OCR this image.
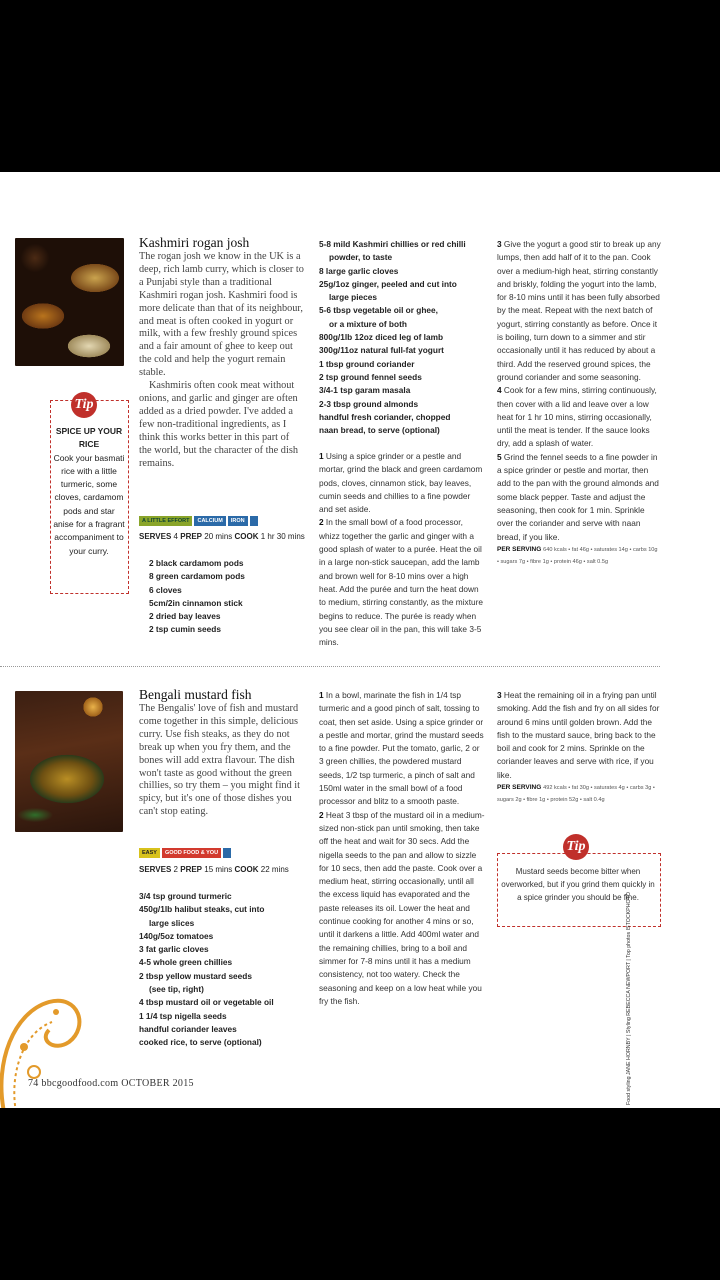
Tip
SPICE UP YOUR RICE
Cook your basmati rice with a little turmeric, some cloves, cardamom pods and star anise for a fragrant accompaniment to your curry.
Kashmiri rogan josh

The rogan josh we know in the UK is a deep, rich lamb curry, which is closer to a Punjabi style than a traditional Kashmiri rogan josh. Kashmiri food is more delicate than that of its neighbour, and meat is often cooked in yogurt or milk, with a few freshly ground spices and a fair amount of ghee to keep out the cold and help the yogurt remain stable.

Kashmiris often cook meat without onions, and garlic and ginger are often added as a dried powder. I've added a few non-traditional ingredients, as I think this works better in this part of the world, but the character of the dish remains.

A LITTLE EFFORT	CALCIUM	IRON
SERVES 4 PREP 20 mins COOK 1 hr 30 mins
2 black cardamom pods
8 green cardamom pods
6 cloves
5cm/2in cinnamon stick
2 dried bay leaves
2 tsp cumin seeds
5-8 mild Kashmiri chillies or red chilli
powder, to taste
8 large garlic cloves
25g/1oz ginger, peeled and cut into
large pieces
5-6 tbsp vegetable oil or ghee,
or a mixture of both
800g/1lb 12oz diced leg of lamb
300g/11oz natural full-fat yogurt
1 tbsp ground coriander
2 tsp ground fennel seeds
3/4-1 tsp garam masala
2-3 tbsp ground almonds
handful fresh coriander, chopped
naan bread, to serve (optional)

1 Using a spice grinder or a pestle and mortar, grind the black and green cardamom pods, cloves, cinnamon stick, bay leaves, cumin seeds and chillies to a fine powder and set aside.

2 In the small bowl of a food processor, whizz together the garlic and ginger with a good splash of water to a purée. Heat the oil in a large non-stick saucepan, add the lamb and brown well for 8-10 mins over a high heat. Add the purée and turn the heat down to medium, stirring constantly, as the mixture begins to reduce. The purée is ready when you see clear oil in the pan, this will take 3-5 mins.

3 Give the yogurt a good stir to break up any lumps, then add half of it to the pan. Cook over a medium-high heat, stirring constantly and briskly, folding the yogurt into the lamb, for 8-10 mins until it has been fully absorbed by the meat. Repeat with the next batch of yogurt, stirring constantly as before. Once it is boiling, turn down to a simmer and stir occasionally until it has reduced by about a third. Add the reserved ground spices, the ground coriander and some seasoning.

4 Cook for a few mins, stirring continuously, then cover with a lid and leave over a low heat for 1 hr 10 mins, stirring occasionally, until the meat is tender. If the sauce looks dry, add a splash of water.

5 Grind the fennel seeds to a fine powder in a spice grinder or pestle and mortar, then add to the pan with the ground almonds and some black pepper. Taste and adjust the seasoning, then cook for 1 min. Sprinkle over the coriander and serve with naan bread, if you like.

PER SERVING 640 kcals • fat 46g • saturates 14g • carbs 10g • sugars 7g • fibre 1g • protein 46g • salt 0.5g

Bengali mustard fish

The Bengalis' love of fish and mustard come together in this simple, delicious curry. Use fish steaks, as they do not break up when you fry them, and the bones will add extra flavour. The dish won't taste as good without the green chillies, so try them – you might find it spicy, but it's one of those dishes you can't stop eating.

EASY	GOOD FOOD & YOU
SERVES 2 PREP 15 mins COOK 22 mins
3/4 tsp ground turmeric
450g/1lb halibut steaks, cut into
large slices
140g/5oz tomatoes
3 fat garlic cloves
4-5 whole green chillies
2 tbsp yellow mustard seeds
(see tip, right)
4 tbsp mustard oil or vegetable oil
1 1/4 tsp nigella seeds
handful coriander leaves
cooked rice, to serve (optional)

1 In a bowl, marinate the fish in 1/4 tsp turmeric and a good pinch of salt, tossing to coat, then set aside. Using a spice grinder or a pestle and mortar, grind the mustard seeds to a fine powder. Put the tomato, garlic, 2 or 3 green chillies, the powdered mustard seeds, 1/2 tsp turmeric, a pinch of salt and 150ml water in the small bowl of a food processor and blitz to a smooth paste.

2 Heat 3 tbsp of the mustard oil in a medium-sized non-stick pan until smoking, then take off the heat and wait for 30 secs. Add the nigella seeds to the pan and allow to sizzle for 10 secs, then add the paste. Cook over a medium heat, stirring occasionally, until all the excess liquid has evaporated and the paste releases its oil. Lower the heat and continue cooking for another 4 mins or so, until it darkens a little. Add 400ml water and the remaining chillies, bring to a boil and simmer for 7-8 mins until it has a medium consistency, not too watery. Check the seasoning and keep on a low heat while you fry the fish.

3 Heat the remaining oil in a frying pan until smoking. Add the fish and fry on all sides for around 6 mins until golden brown. Add the fish to the mustard sauce, bring back to the boil and cook for 2 mins. Sprinkle on the coriander leaves and serve with rice, if you like.

PER SERVING 492 kcals • fat 30g • saturates 4g • carbs 3g • sugars 2g • fibre 1g • protein 52g • salt 0.4g

Tip
Mustard seeds become bitter when overworked, but if you grind them quickly in a spice grinder you should be fine.
74 bbcgoodfood.com OCTOBER 2015	Food styling JANE HORNBY | Styling REBECCA NEWPORT | Top photos ISTOCKPHOTO
